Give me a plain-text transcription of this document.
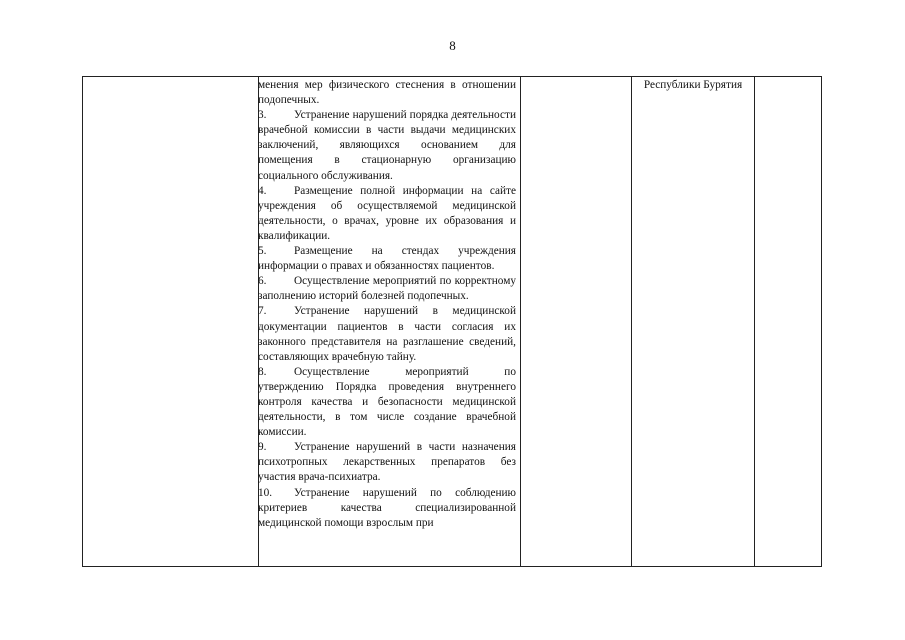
8

менения мер физического стеснения в отношении подопечных.

3. Устранение нарушений порядка деятельности врачебной комиссии в части выдачи медицинских заключений, являющихся основанием для помещения в стационарную организацию социального обслуживания.

4. Размещение полной информации на сайте учреждения об осуществляемой медицинской деятельности, о врачах, уровне их образования и квалификации.

5. Размещение на стендах учреждения информации о правах и обязанностях пациентов.

6. Осуществление мероприятий по корректному заполнению историй болезней подопечных.

7. Устранение нарушений в медицинской документации пациентов в части согласия их законного представителя на разглашение сведений, составляющих врачебную тайну.

8. Осуществление мероприятий по утверждению Порядка проведения внутреннего контроля качества и безопасности медицинской деятельности, в том числе создание врачебной комиссии.

9. Устранение нарушений в части назначения психотропных лекарственных препаратов без участия врача-психиатра.

10. Устранение нарушений по соблюдению критериев качества специализированной медицинской помощи взрослым при

Республики Бурятия
